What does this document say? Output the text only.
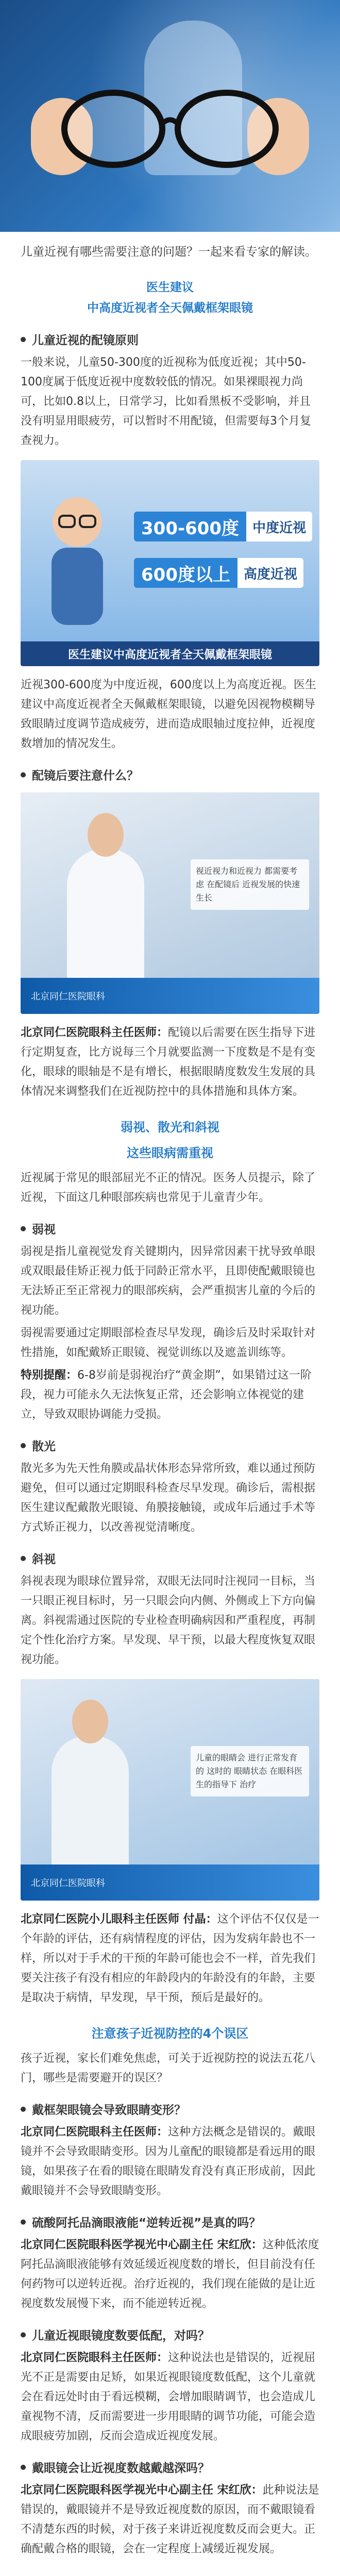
儿童近视有哪些需要注意的问题？一起来看专家的解读。
医生建议
中高度近视者全天佩戴框架眼镜
儿童近视的配镜原则
一般来说，儿童50-300度的近视称为低度近视；其中50-100度属于低度近视中度数较低的情况。如果裸眼视力尚可，比如0.8以上，日常学习，比如看黑板不受影响，并且没有明显用眼疲劳，可以暂时不用配镜，但需要每3个月复查视力。
300-600度	中度近视
600度以上	高度近视
医生建议中高度近视者全天佩戴框架眼镜
近视300-600度为中度近视，600度以上为高度近视。医生建议中高度近视者全天佩戴框架眼镜，以避免因视物模糊导致眼睛过度调节造成疲劳，进而造成眼轴过度拉伸，近视度数增加的情况发生。
配镜后要注意什么？
视近视力和近视力 都需要考虑 在配镜后 近视发展的快速生长
北京同仁医院眼科
北京同仁医院眼科主任医师：配镜以后需要在医生指导下进行定期复查，比方说每三个月就要监测一下度数是不是有变化，眼球的眼轴是不是有增长，根据眼睛度数发生发展的具体情况来调整我们在近视防控中的具体措施和具体方案。
弱视、散光和斜视
这些眼病需重视
近视属于常见的眼部屈光不正的情况。医务人员提示，除了近视，下面这几种眼部疾病也常见于儿童青少年。
弱视
弱视是指儿童视觉发育关键期内，因异常因素干扰导致单眼或双眼最佳矫正视力低于同龄正常水平，且即使配戴眼镜也无法矫正至正常视力的眼部疾病，会严重损害儿童的今后的视功能。
弱视需要通过定期眼部检查尽早发现，确诊后及时采取针对性措施，如配戴矫正眼镜、视觉训练以及遮盖训练等。
特别提醒：6-8岁前是弱视治疗“黄金期”，如果错过这一阶段，视力可能永久无法恢复正常，还会影响立体视觉的建立，导致双眼协调能力受损。
散光
散光多为先天性角膜或晶状体形态异常所致，难以通过预防避免，但可以通过定期眼科检查尽早发现。确诊后，需根据医生建议配戴散光眼镜、角膜接触镜，或成年后通过手术等方式矫正视力，以改善视觉清晰度。
斜视
斜视表现为眼球位置异常，双眼无法同时注视同一目标，当一只眼正视目标时，另一只眼会向内侧、外侧或上下方向偏离。斜视需通过医院的专业检查明确病因和严重程度，再制定个性化治疗方案。早发现、早干预，以最大程度恢复双眼视功能。
儿童的眼睛会 进行正常发育的 这时的 眼睛状态 在眼科医生的指导下 治疗
北京同仁医院眼科
北京同仁医院小儿眼科主任医师 付晶：这个评估不仅仅是一个年龄的评估，还有病情程度的评估，因为发病年龄也不一样，所以对于手术的干预的年龄可能也会不一样，首先我们要关注孩子有没有相应的年龄段内的年龄没有的年龄，主要是取决于病情，早发现，早干预，预后是最好的。
注意孩子近视防控的4个误区
孩子近视，家长们难免焦虑，可关于近视防控的说法五花八门，哪些是需要避开的误区？
戴框架眼镜会导致眼睛变形？
北京同仁医院眼科主任医师：这种方法概念是错误的。戴眼镜并不会导致眼睛变形。因为儿童配的眼镜都是看远用的眼镜，如果孩子在看的眼镜在眼睛发育没有真正形成前，因此戴眼镜并不会导致眼睛变形。
硫酸阿托品滴眼液能“逆转近视”是真的吗？
北京同仁医院眼科医学视光中心副主任 宋红欣：这种低浓度阿托品滴眼液能够有效延缓近视度数的增长，但目前没有任何药物可以逆转近视。治疗近视的，我们现在能做的是让近视度数发展慢下来，而不能逆转近视。
儿童近视眼镜度数要低配，对吗？
北京同仁医院眼科主任医师：这种说法也是错误的，近视屈光不正是需要由足矫，如果近视眼镜度数低配，这个儿童就会在看远处时由于看远模糊，会增加眼睛调节，也会造成儿童视物不清，反而需要进一步用眼睛的调节功能，可能会造成眼疲劳加剧，反而会造成近视度发展。
戴眼镜会让近视度数越戴越深吗？
北京同仁医院眼科医学视光中心副主任 宋红欣：此种说法是错误的，戴眼镜并不是导致近视度数的原因，而不戴眼镜看不清楚东西的时候，对于孩子来讲近视度数反而会更大。正确配戴合格的眼镜，会在一定程度上减缓近视发展。
